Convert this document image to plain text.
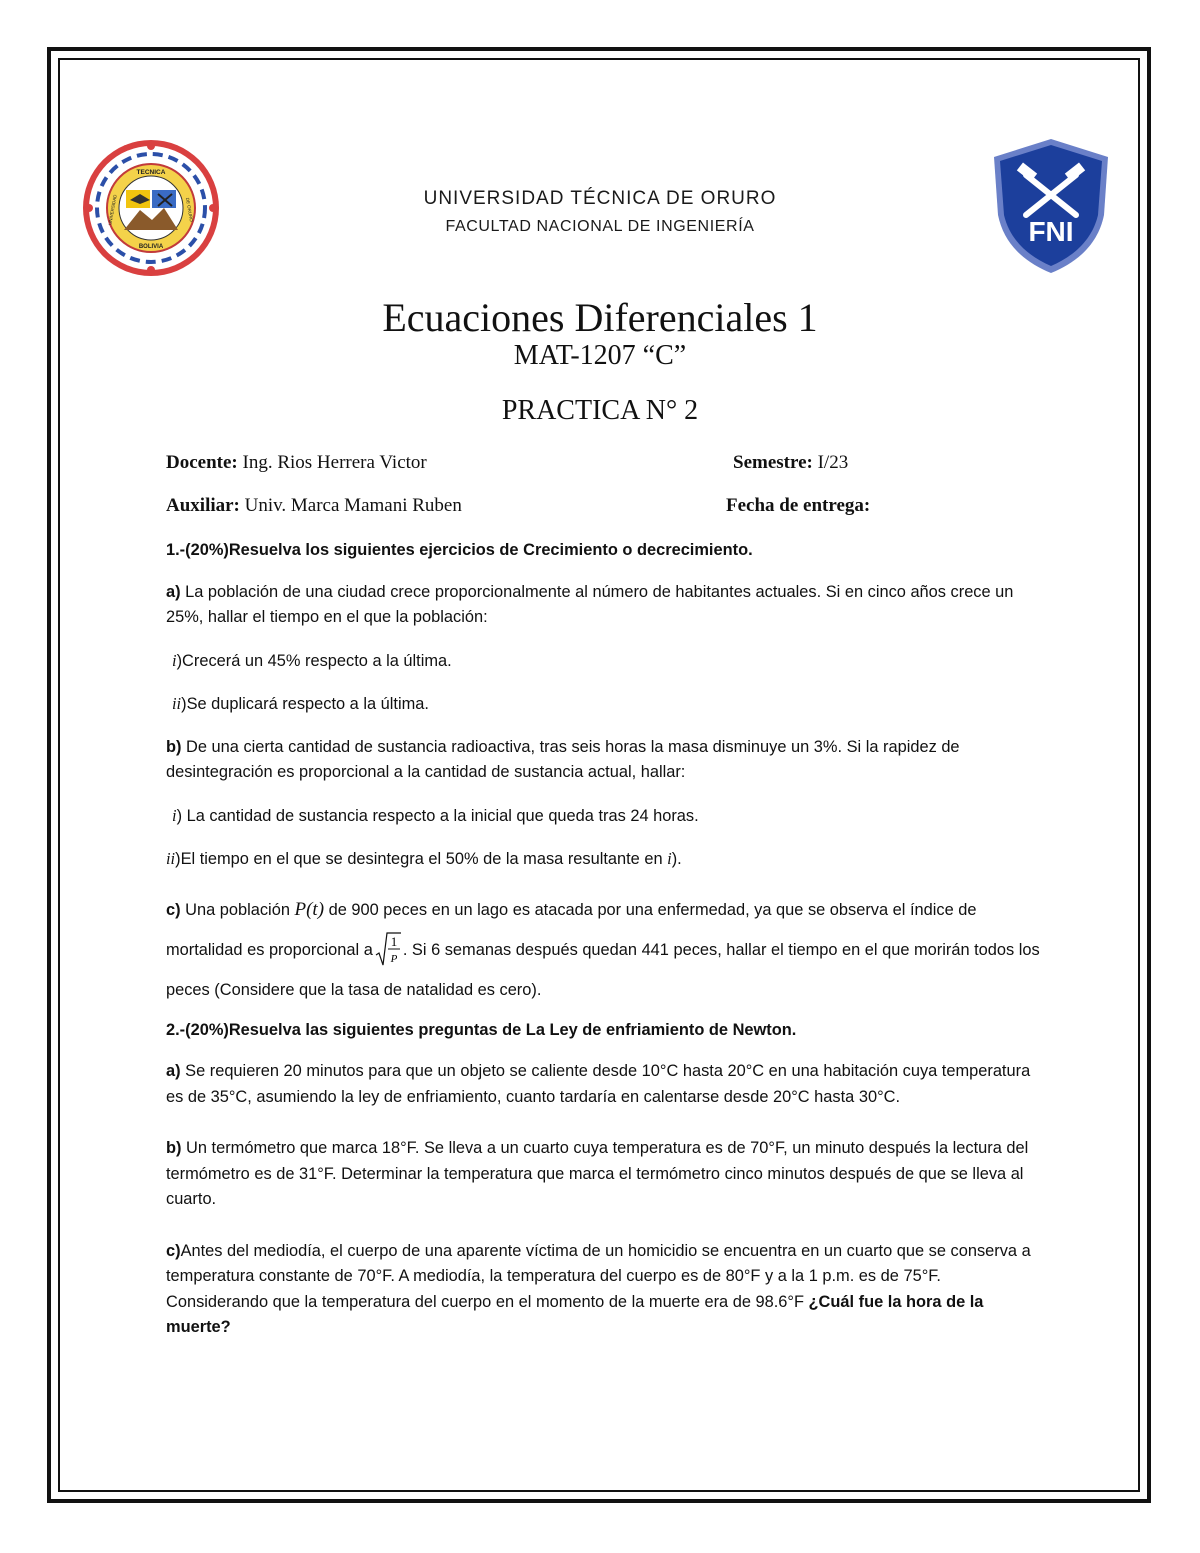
TECNICA
BOLIVIA
UNIVERSIDAD	DE ORURO
FNI
UNIVERSIDAD TÉCNICA DE ORURO
FACULTAD NACIONAL DE INGENIERÍA
Ecuaciones Diferenciales 1
MAT-1207 “C”
PRACTICA N° 2
Docente: Ing. Rios Herrera Victor	Semestre: I/23
Auxiliar: Univ. Marca Mamani Ruben	Fecha de entrega:

1.-(20%)Resuelva los siguientes ejercicios de Crecimiento o decrecimiento.

a) La población de una ciudad crece proporcionalmente al número de habitantes actuales. Si en cinco años crece un 25%, hallar el tiempo en el que la población:

i)Crecerá un 45% respecto a la última.

ii)Se duplicará respecto a la última.

b) De una cierta cantidad de sustancia radioactiva, tras seis horas la masa disminuye un 3%. Si la rapidez de desintegración es proporcional a la cantidad de sustancia actual, hallar:

i) La cantidad de sustancia respecto a la inicial que queda tras 24 horas.

ii)El tiempo en el que se desintegra el 50% de la masa resultante en i).

c) Una población P(t) de 900 peces en un lago es atacada por una enfermedad, ya que se observa el índice de mortalidad es proporcional a 1
P
. Si 6 semanas después quedan 441 peces, hallar el tiempo en el que morirán todos los peces (Considere que la tasa de natalidad es cero).

2.-(20%)Resuelva las siguientes preguntas de La Ley de enfriamiento de Newton.

a) Se requieren 20 minutos para que un objeto se caliente desde 10°C hasta 20°C en una habitación cuya temperatura es de 35°C, asumiendo la ley de enfriamiento, cuanto tardaría en calentarse desde 20°C hasta 30°C.

b) Un termómetro que marca 18°F. Se lleva a un cuarto cuya temperatura es de 70°F, un minuto después la lectura del termómetro es de 31°F. Determinar la temperatura que marca el termómetro cinco minutos después de que se lleva al cuarto.

c)Antes del mediodía, el cuerpo de una aparente víctima de un homicidio se encuentra en un cuarto que se conserva a temperatura constante de 70°F. A mediodía, la temperatura del cuerpo es de 80°F y a la 1 p.m. es de 75°F. Considerando que la temperatura del cuerpo en el momento de la muerte era de 98.6°F ¿Cuál fue la hora de la muerte?
